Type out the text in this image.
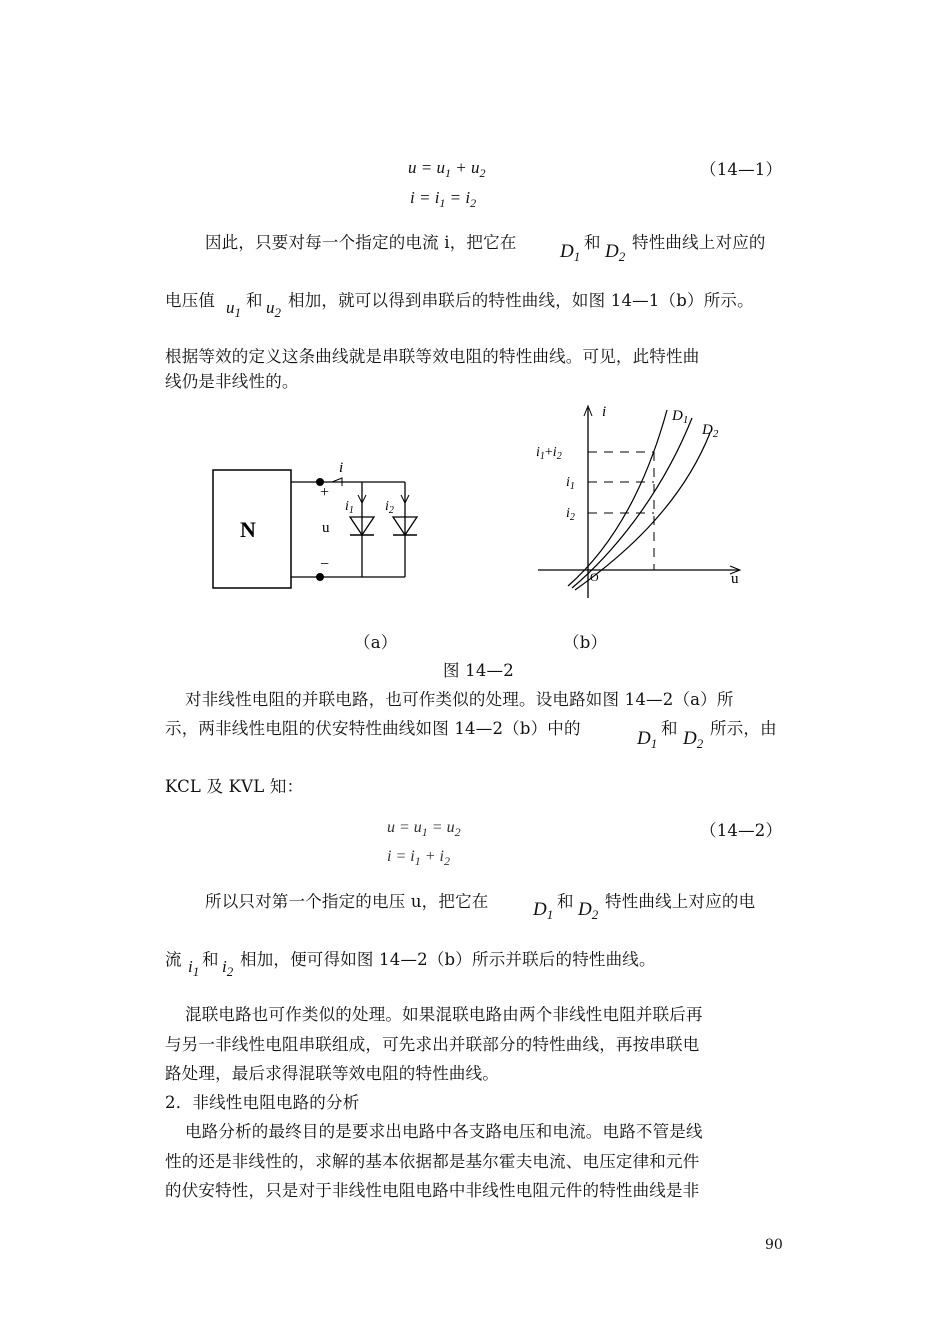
$u = u_1 + u_2$
$i = i_1 = i_2$
（14—1）
因此，只要对每一个指定的电流 i，把它在 $D_1$
和 $D_2$
特性曲线上对应的
电压值 $u_1$
和 $u_2$
相加，就可以得到串联后的特性曲线，如图 14—1（b）所示。
根据等效的定义这条曲线就是串联等效电阻的特性曲线。可见，此特性曲
线仍是非线性的。
N
i
+
u
−
$i_1$ $i_2$
i
u
O
$D_1$
$D_2$
$i_1+i_2$
$i_1$
$i_2$
（a）	（b）
图 14—2
对非线性电阻的并联电路，也可作类似的处理。设电路如图 14—2（a）所
示，两非线性电阻的伏安特性曲线如图 14—2（b）中的	$D_1$
和 $D_2$
所示，由
KCL 及 KVL 知：
$u = u_1 = u_2$
$i = i_1 + i_2$
（14—2）
所以只对第一个指定的电压 u，把它在 $D_1$
和 $D_2$
特性曲线上对应的电
流 $i_1$
和 $i_2$
相加，便可得如图 14—2（b）所示并联后的特性曲线。
混联电路也可作类似的处理。如果混联电路由两个非线性电阻并联后再
与另一非线性电阻串联组成，可先求出并联部分的特性曲线，再按串联电
路处理，最后求得混联等效电阻的特性曲线。
2．非线性电阻电路的分析
电路分析的最终目的是要求出电路中各支路电压和电流。电路不管是线
性的还是非线性的，求解的基本依据都是基尔霍夫电流、电压定律和元件
的伏安特性，只是对于非线性电阻电路中非线性电阻元件的特性曲线是非
90
